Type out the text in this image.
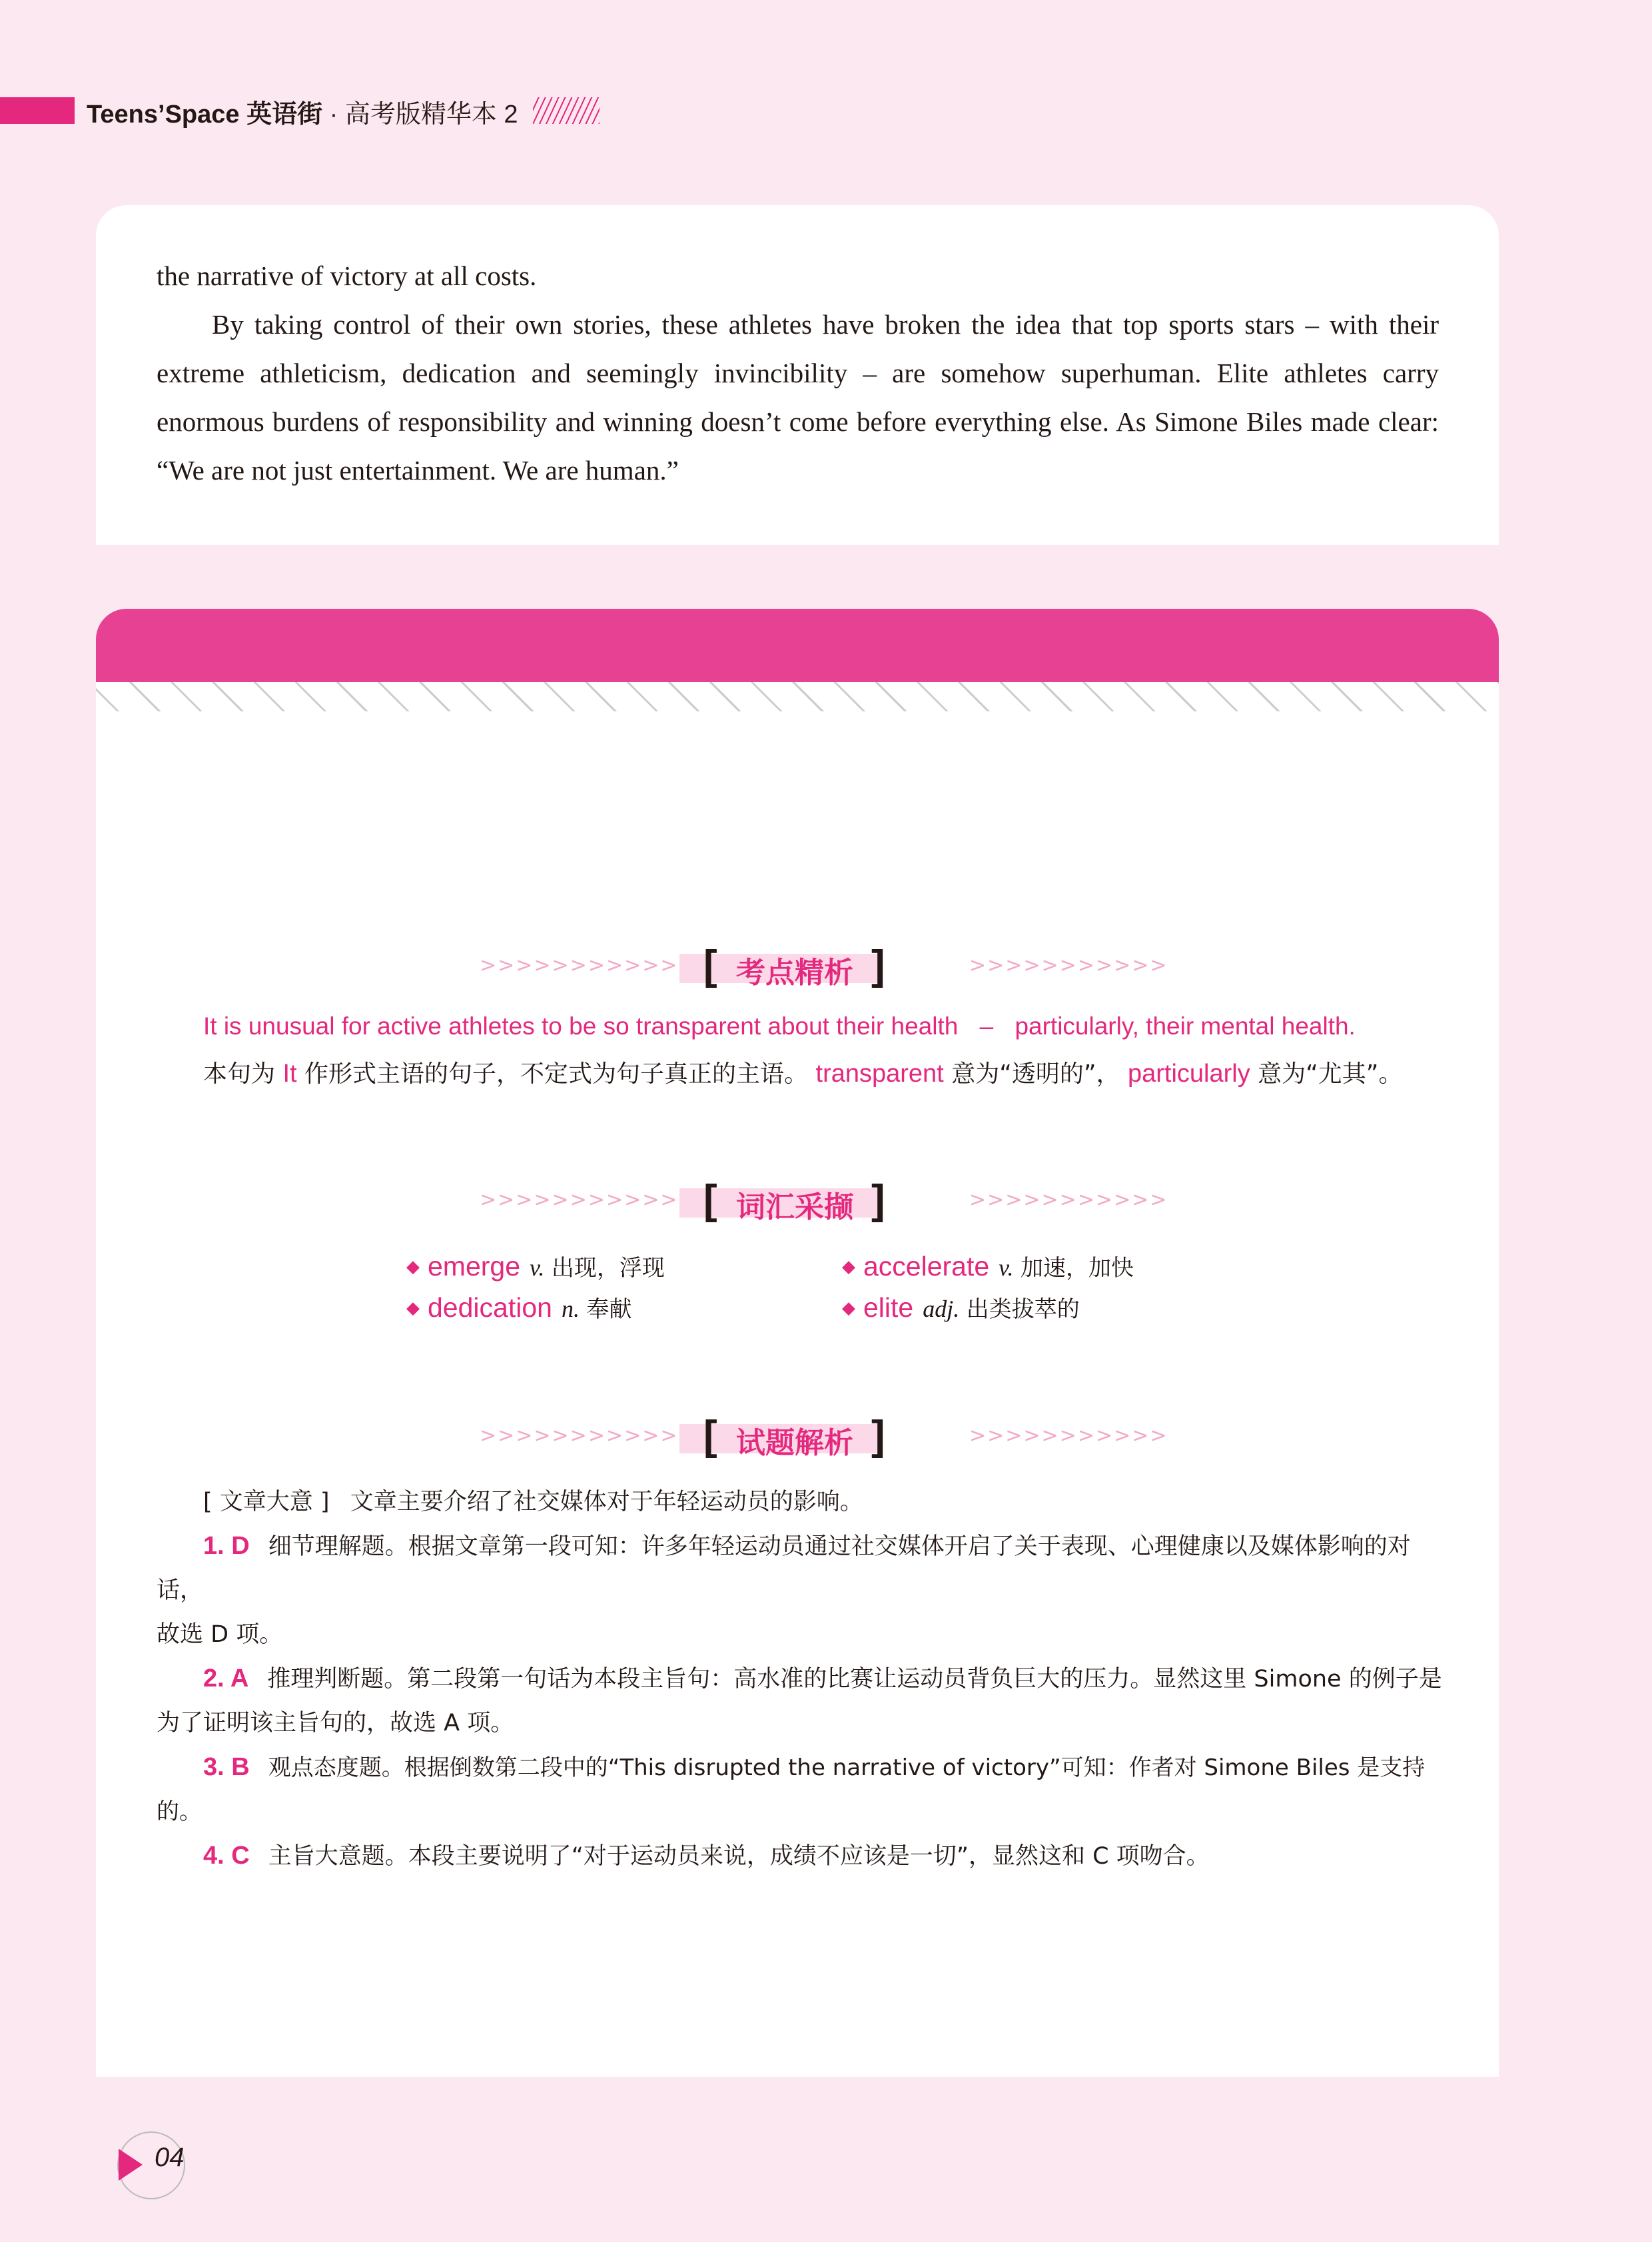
Teens’Space 英语街 · 高考版精华本 2

the narrative of victory at all costs.

By taking control of their own stories, these athletes have broken the idea that top sports stars – with their extreme athleticism, dedication and seemingly invincibility – are somehow superhuman. Elite athletes carry enormous burdens of responsibility and winning doesn’t come before everything else. As Simone Biles made clear: “We are not just entertainment. We are human.”

>>>>>>>>>>> [ 考点精析 ]	>>>>>>>>>>>
It is unusual for active athletes to be so transparent about their health – particularly, their mental health.
本句为 It 作形式主语的句子，不定式为句子真正的主语。 transparent 意为“透明的”， particularly 意为“尤其”。
>>>>>>>>>>> [ 词汇采撷 ]	>>>>>>>>>>>
◆ emerge v. 出现，浮现	◆ accelerate v. 加速，加快
◆ dedication n. 奉献	◆ elite adj. 出类拔萃的
>>>>>>>>>>> [ 试题解析 ]	>>>>>>>>>>>
[ 文章大意 ] 文章主要介绍了社交媒体对于年轻运动员的影响。
1. D 细节理解题。根据文章第一段可知：许多年轻运动员通过社交媒体开启了关于表现、心理健康以及媒体影响的对话，
故选 D 项。
2. A 推理判断题。第二段第一句话为本段主旨句：高水准的比赛让运动员背负巨大的压力。显然这里 Simone 的例子是
为了证明该主旨句的，故选 A 项。
3. B 观点态度题。根据倒数第二段中的“This disrupted the narrative of victory”可知：作者对 Simone Biles 是支持的。
4. C 主旨大意题。本段主要说明了“对于运动员来说，成绩不应该是一切”，显然这和 C 项吻合。
04
